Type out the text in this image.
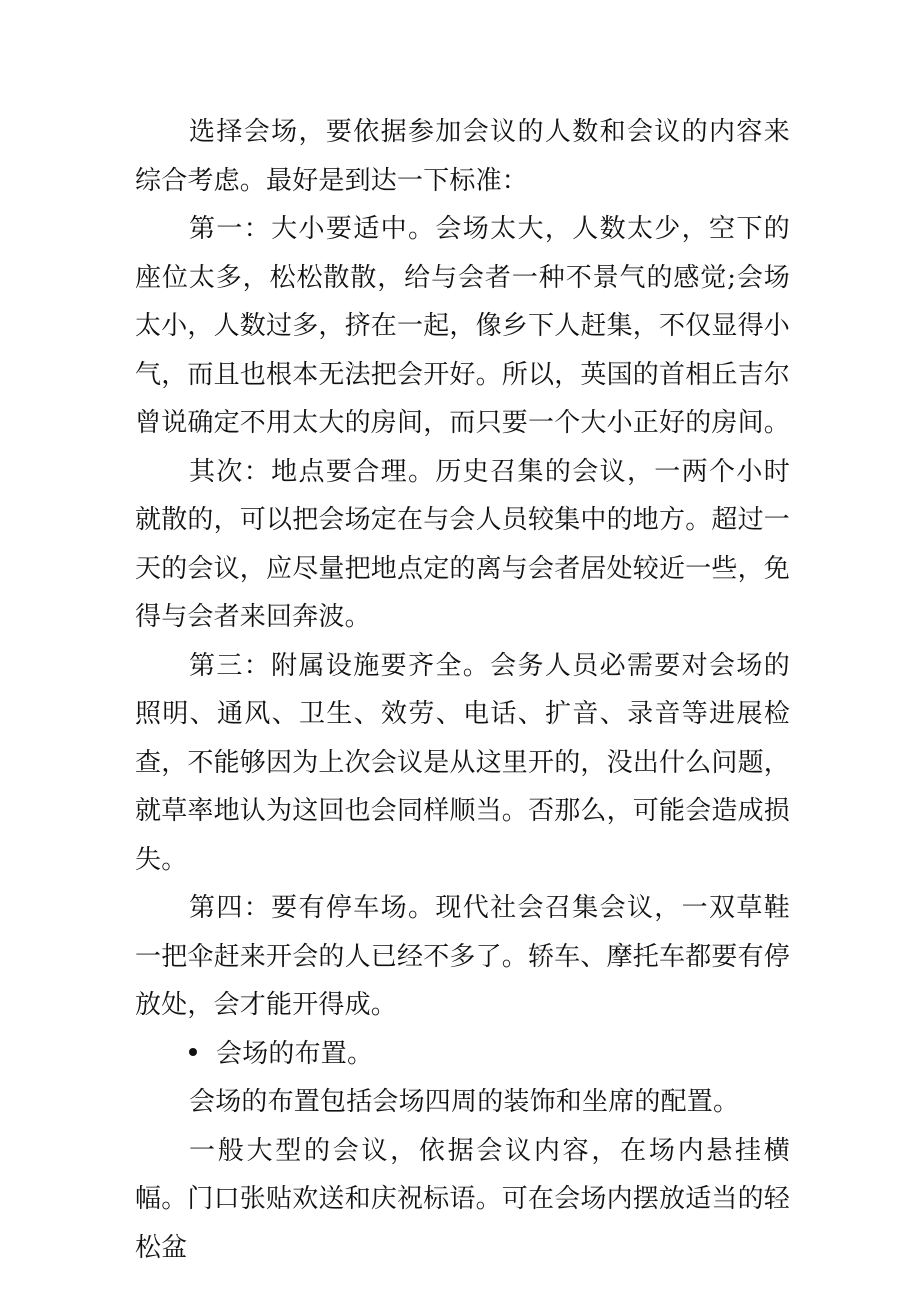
选择会场，要依据参加会议的人数和会议的内容来综合考虑。最好是到达一下标准：

第一：大小要适中。会场太大，人数太少，空下的座位太多，松松散散，给与会者一种不景气的感觉;会场太小，人数过多，挤在一起，像乡下人赶集，不仅显得小气，而且也根本无法把会开好。所以，英国的首相丘吉尔曾说确定不用太大的房间，而只要一个大小正好的房间。

其次：地点要合理。历史召集的会议，一两个小时就散的，可以把会场定在与会人员较集中的地方。超过一天的会议，应尽量把地点定的离与会者居处较近一些，免得与会者来回奔波。

第三：附属设施要齐全。会务人员必需要对会场的照明、通风、卫生、效劳、电话、扩音、录音等进展检查，不能够因为上次会议是从这里开的，没出什么问题，就草率地认为这回也会同样顺当。否那么，可能会造成损失。

第四：要有停车场。现代社会召集会议，一双草鞋一把伞赶来开会的人已经不多了。轿车、摩托车都要有停放处，会才能开得成。

会场的布置。

会场的布置包括会场四周的装饰和坐席的配置。

一般大型的会议，依据会议内容，在场内悬挂横幅。门口张贴欢送和庆祝标语。可在会场内摆放适当的轻松盆
